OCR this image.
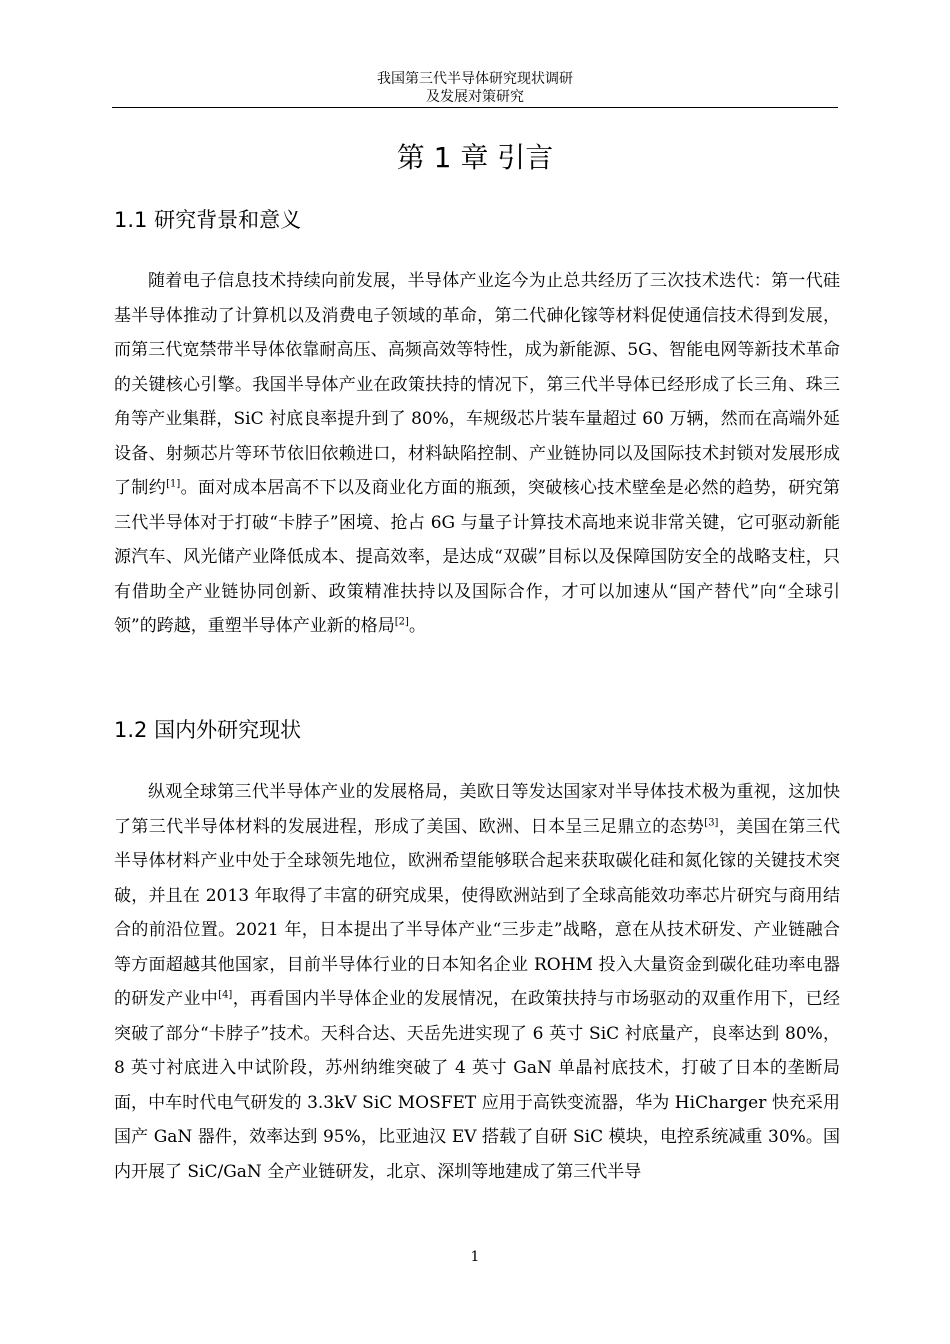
我国第三代半导体研究现状调研
及发展对策研究
第 1 章 引言
1.1 研究背景和意义

随着电子信息技术持续向前发展，半导体产业迄今为止总共经历了三次技术迭代：第一代硅基半导体推动了计算机以及消费电子领域的革命，第二代砷化镓等材料促使通信技术得到发展，而第三代宽禁带半导体依靠耐高压、高频高效等特性，成为新能源、5G、智能电网等新技术革命的关键核心引擎。我国半导体产业在政策扶持的情况下，第三代半导体已经形成了长三角、珠三角等产业集群，SiC 衬底良率提升到了 80%，车规级芯片装车量超过 60 万辆，然而在高端外延设备、射频芯片等环节依旧依赖进口，材料缺陷控制、产业链协同以及国际技术封锁对发展形成了制约[1]。面对成本居高不下以及商业化方面的瓶颈，突破核心技术壁垒是必然的趋势，研究第三代半导体对于打破“卡脖子”困境、抢占 6G 与量子计算技术高地来说非常关键，它可驱动新能源汽车、风光储产业降低成本、提高效率，是达成“双碳”目标以及保障国防安全的战略支柱，只有借助全产业链协同创新、政策精准扶持以及国际合作，才可以加速从“国产替代”向“全球引领”的跨越，重塑半导体产业新的格局[2]。

1.2 国内外研究现状

纵观全球第三代半导体产业的发展格局，美欧日等发达国家对半导体技术极为重视，这加快了第三代半导体材料的发展进程，形成了美国、欧洲、日本呈三足鼎立的态势[3]，美国在第三代半导体材料产业中处于全球领先地位，欧洲希望能够联合起来获取碳化硅和氮化镓的关键技术突破，并且在 2013 年取得了丰富的研究成果，使得欧洲站到了全球高能效功率芯片研究与商用结合的前沿位置。2021 年，日本提出了半导体产业“三步走”战略，意在从技术研发、产业链融合等方面超越其他国家，目前半导体行业的日本知名企业 ROHM 投入大量资金到碳化硅功率电器的研发产业中[4]，再看国内半导体企业的发展情况，在政策扶持与市场驱动的双重作用下，已经突破了部分“卡脖子”技术。天科合达、天岳先进实现了 6 英寸 SiC 衬底量产，良率达到 80%，8 英寸衬底进入中试阶段，苏州纳维突破了 4 英寸 GaN 单晶衬底技术，打破了日本的垄断局面，中车时代电气研发的 3.3kV SiC MOSFET 应用于高铁变流器，华为 HiCharger 快充采用国产 GaN 器件，效率达到 95%，比亚迪汉 EV 搭载了自研 SiC 模块，电控系统减重 30%。国内开展了 SiC/GaN 全产业链研发，北京、深圳等地建成了第三代半导

1
